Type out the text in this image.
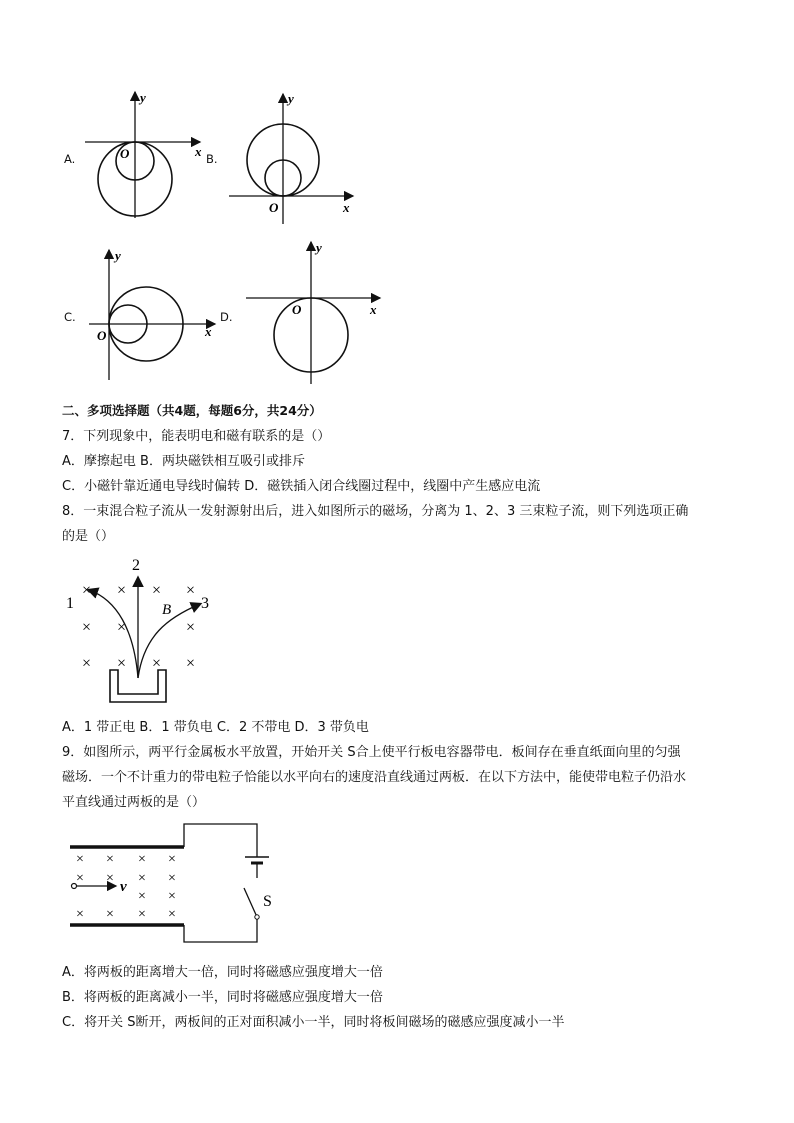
A.
y
x
O	B.
y
x
O
C.
y
x
O
D.
y
x
O
二、多项选择题（共4题，每题6分，共24分）
7．下列现象中，能表明电和磁有联系的是（）
A．摩擦起电 B．两块磁铁相互吸引或排斥
C．小磁针靠近通电导线时偏转 D．磁铁插入闭合线圈过程中，线圈中产生感应电流
8．一束混合粒子流从一发射源射出后，进入如图所示的磁场，分离为 1、2、3 三束粒子流，则下列选项正确
的是（）
× × × ×
× ×	×
× × × ×
1
2
3
B
A．1 带正电 B．1 带负电 C．2 不带电 D．3 带负电
9．如图所示，两平行金属板水平放置，开始开关 S合上使平行板电容器带电．板间存在垂直纸面向里的匀强
磁场．一个不计重力的带电粒子恰能以水平向右的速度沿直线通过两板．在以下方法中，能使带电粒子仍沿水
平直线通过两板的是（）
S
× × × ×
× × × ×
× ×
× × × ×
v
A．将两板的距离增大一倍，同时将磁感应强度增大一倍
B．将两板的距离减小一半，同时将磁感应强度增大一倍
C．将开关 S断开，两板间的正对面积减小一半，同时将板间磁场的磁感应强度减小一半
